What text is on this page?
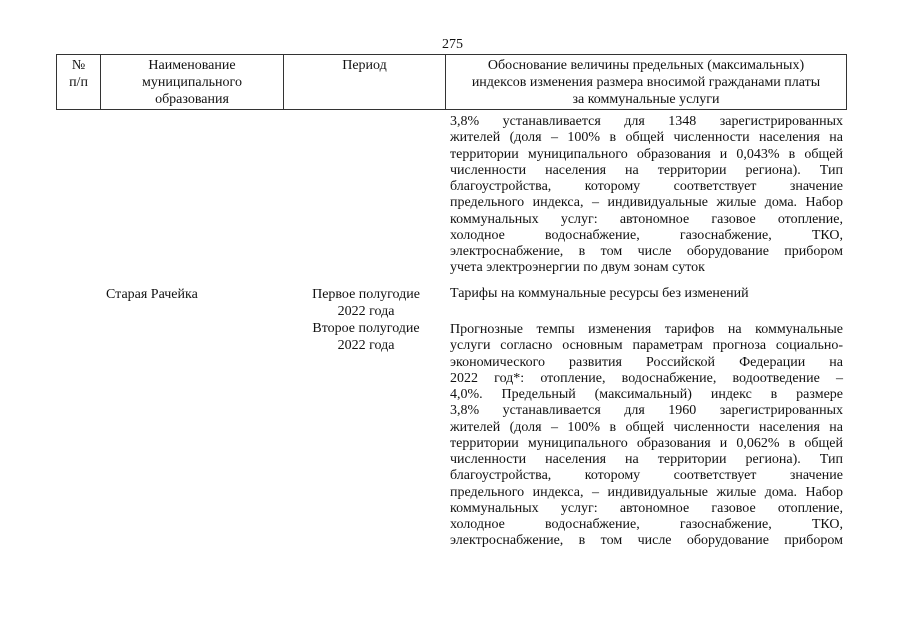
275
№
п/п
Наименование
муниципального
образования
Период	Обоснование величины предельных (максимальных)
индексов изменения размера вносимой гражданами платы
за коммунальные услуги
3,8% устанавливается для 1348 зарегистрированных
жителей (доля – 100% в общей численности населения на
территории муниципального образования и 0,043% в общей
численности населения на территории региона). Тип
благоустройства, которому соответствует значение
предельного индекса, – индивидуальные жилые дома. Набор
коммунальных услуг: автономное газовое отопление,
холодное водоснабжение, газоснабжение, ТКО,
электроснабжение, в том числе оборудование прибором
учета электроэнергии по двум зонам суток
Старая Рачейка	Первое полугодие
2022 года
Тарифы на коммунальные ресурсы без изменений
Второе полугодие
2022 года
Прогнозные темпы изменения тарифов на коммунальные
услуги согласно основным параметрам прогноза социально-
экономического развития Российской Федерации на
2022 год*: отопление, водоснабжение, водоотведение –
4,0%. Предельный (максимальный) индекс в размере
3,8% устанавливается для 1960 зарегистрированных
жителей (доля – 100% в общей численности населения на
территории муниципального образования и 0,062% в общей
численности населения на территории региона). Тип
благоустройства, которому соответствует значение
предельного индекса, – индивидуальные жилые дома. Набор
коммунальных услуг: автономное газовое отопление,
холодное водоснабжение, газоснабжение, ТКО,
электроснабжение, в том числе оборудование прибором
